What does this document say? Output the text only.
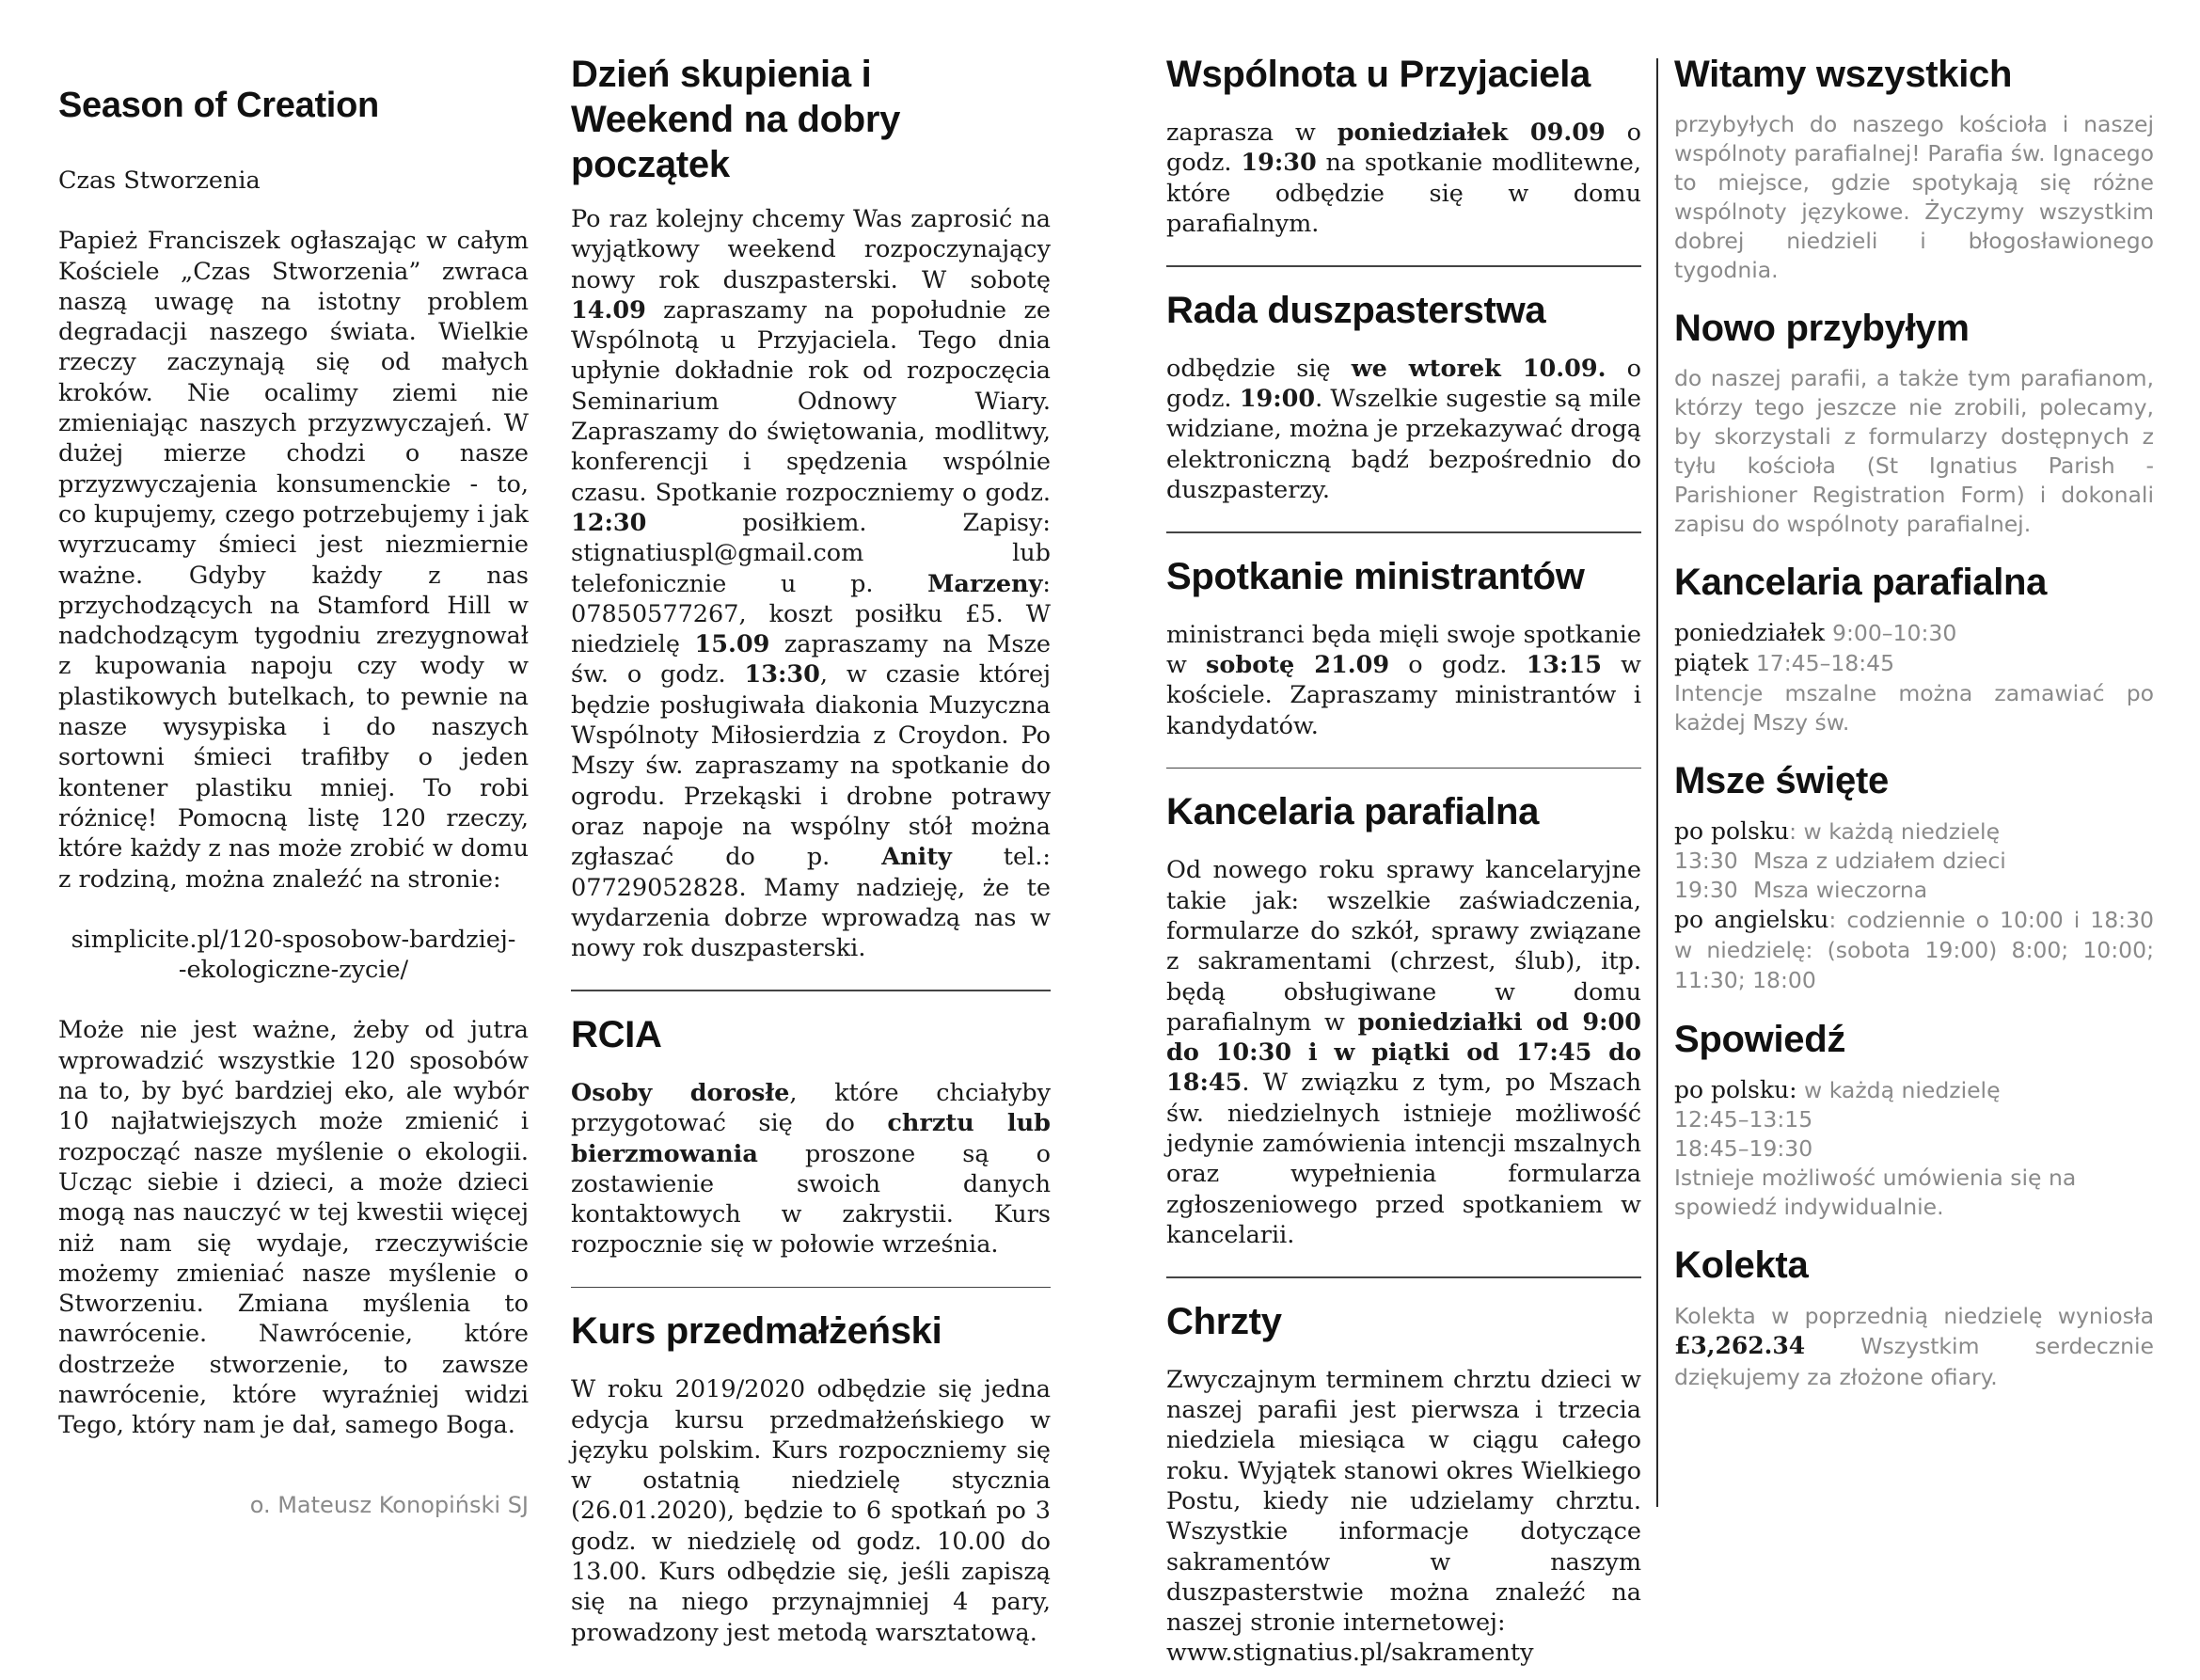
Season of Creation

Czas Stworzenia

Papież Franciszek ogłaszając w całym Kościele „Czas Stworzenia” zwraca naszą uwagę na istotny problem degradacji naszego świata. Wielkie rzeczy zaczynają się od małych kroków. Nie ocalimy ziemi nie zmieniając naszych przyzwyczajeń. W dużej mierze chodzi o nasze przyzwyczajenia konsumenckie - to, co kupujemy, czego potrzebujemy i jak wyrzucamy śmieci jest niezmiernie ważne. Gdyby każdy z nas przychodzących na Stamford Hill w nadchodzącym tygodniu zrezygnował z kupowania napoju czy wody w plastikowych butelkach, to pewnie na nasze wysypiska i do naszych sortowni śmieci trafiłby o jeden kontener plastiku mniej. To robi różnicę! Pomocną listę 120 rzeczy, które każdy z nas może zrobić w domu z rodziną, można znaleźć na stronie:

simplicite.pl/120-sposobow-bardziej-

-ekologiczne-zycie/

Może nie jest ważne, żeby od jutra wprowadzić wszystkie 120 sposobów na to, by być bardziej eko, ale wybór 10 najłatwiejszych może zmienić i rozpocząć nasze myślenie o ekologii. Ucząc siebie i dzieci, a może dzieci mogą nas nauczyć w tej kwestii więcej niż nam się wydaje, rzeczywiście możemy zmieniać nasze myślenie o Stworzeniu. Zmiana myślenia to nawrócenie. Nawrócenie, które dostrzeże stworzenie, to zawsze nawrócenie, które wyraźniej widzi Tego, który nam je dał, samego Boga.

o. Mateusz Konopiński SJ

Dzień skupienia i
Weekend na dobry początek

Po raz kolejny chcemy Was zaprosić na wyjątkowy weekend rozpoczynający nowy rok duszpasterski. W sobotę 14.09 zapraszamy na popołudnie ze Wspólnotą u Przyjaciela. Tego dnia upłynie dokładnie rok od rozpoczęcia Seminarium Odnowy Wiary. Zapraszamy do świętowania, modlitwy, konferencji i spędzenia wspólnie czasu. Spotkanie rozpoczniemy o godz. 12:30 posiłkiem. Zapisy: stignatiuspl@gmail.com lub telefonicznie u p. Marzeny: 07850577267, koszt posiłku £5. W niedzielę 15.09 zapraszamy na Msze św. o godz. 13:30, w czasie której będzie posługiwała diakonia Muzyczna Wspólnoty Miłosierdzia z Croydon. Po Mszy św. zapraszamy na spotkanie do ogrodu. Przekąski i drobne potrawy oraz napoje na wspólny stół można zgłaszać do p. Anity tel.: 07729052828. Mamy nadzieję, że te wydarzenia dobrze wprowadzą nas w nowy rok duszpasterski.

RCIA

Osoby dorosłe, które chciałyby przygotować się do chrztu lub bierzmowania proszone są o zostawienie swoich danych kontaktowych w zakrystii. Kurs rozpocznie się w połowie września.

Kurs przedmałżeński

W roku 2019/2020 odbędzie się jedna edycja kursu przedmałżeńskiego w języku polskim. Kurs rozpoczniemy się w ostatnią niedzielę stycznia (26.01.2020), będzie to 6 spotkań po 3 godz. w niedzielę od godz. 10.00 do 13.00. Kurs odbędzie się, jeśli zapiszą się na niego przynajmniej 4 pary, prowadzony jest metodą warsztatową.

Wspólnota u Przyjaciela

zaprasza w poniedziałek 09.09 o godz. 19:30 na spotkanie modlitewne, które odbędzie się w domu parafialnym.

Rada duszpasterstwa

odbędzie się we wtorek 10.09. o godz. 19:00. Wszelkie sugestie są mile widziane, można je przekazywać drogą elektroniczną bądź bezpośrednio do duszpasterzy.

Spotkanie ministrantów

ministranci będa mięli swoje spotkanie w sobotę 21.09 o godz. 13:15 w kościele. Zapraszamy ministrantów i kandydatów.

Kancelaria parafialna

Od nowego roku sprawy kancelaryjne takie jak: wszelkie zaświadczenia, formularze do szkół, sprawy związane z sakramentami (chrzest, ślub), itp. będą obsługiwane w domu parafialnym w poniedziałki od 9:00 do 10:30 i w piątki od 17:45 do 18:45. W związku z tym, po Mszach św. niedzielnych istnieje możliwość jedynie zamówienia intencji mszalnych oraz wypełnienia formularza zgłoszeniowego przed spotkaniem w kancelarii.

Chrzty

Zwyczajnym terminem chrztu dzieci w naszej parafii jest pierwsza i trzecia niedziela miesiąca w ciągu całego roku. Wyjątek stanowi okres Wielkiego Postu, kiedy nie udzielamy chrztu. Wszystkie informacje dotyczące sakramentów w naszym duszpasterstwie można znaleźć na naszej stronie internetowej:

www.stignatius.pl/sakramenty

Witamy wszystkich

przybyłych do naszego kościoła i naszej wspólnoty parafialnej! Parafia św. Ignacego to miejsce, gdzie spotykają się różne wspólnoty językowe. Życzymy wszystkim dobrej niedzieli i błogosławionego tygodnia.

Nowo przybyłym

do naszej parafii, a także tym parafianom, którzy tego jeszcze nie zrobili, polecamy, by skorzystali z formularzy dostępnych z tyłu kościoła (St Ignatius Parish - Parishioner Registration Form) i dokonali zapisu do wspólnoty parafialnej.

Kancelaria parafialna

poniedziałek 9:00–10:30

piątek 17:45–18:45

Intencje mszalne można zamawiać po każdej Mszy św.

Msze święte

po polsku: w każdą niedzielę

13:30 Msza z udziałem dzieci

19:30 Msza wieczorna

po angielsku: codziennie o 10:00 i 18:30 w niedzielę: (sobota 19:00) 8:00; 10:00; 11:30; 18:00

Spowiedź

po polsku: w każdą niedzielę

12:45–13:15

18:45–19:30

Istnieje możliwość umówienia się na spowiedź indywidualnie.

Kolekta

Kolekta w poprzednią niedzielę wyniosła £3,262.34 Wszystkim serdecznie dziękujemy za złożone ofiary.
